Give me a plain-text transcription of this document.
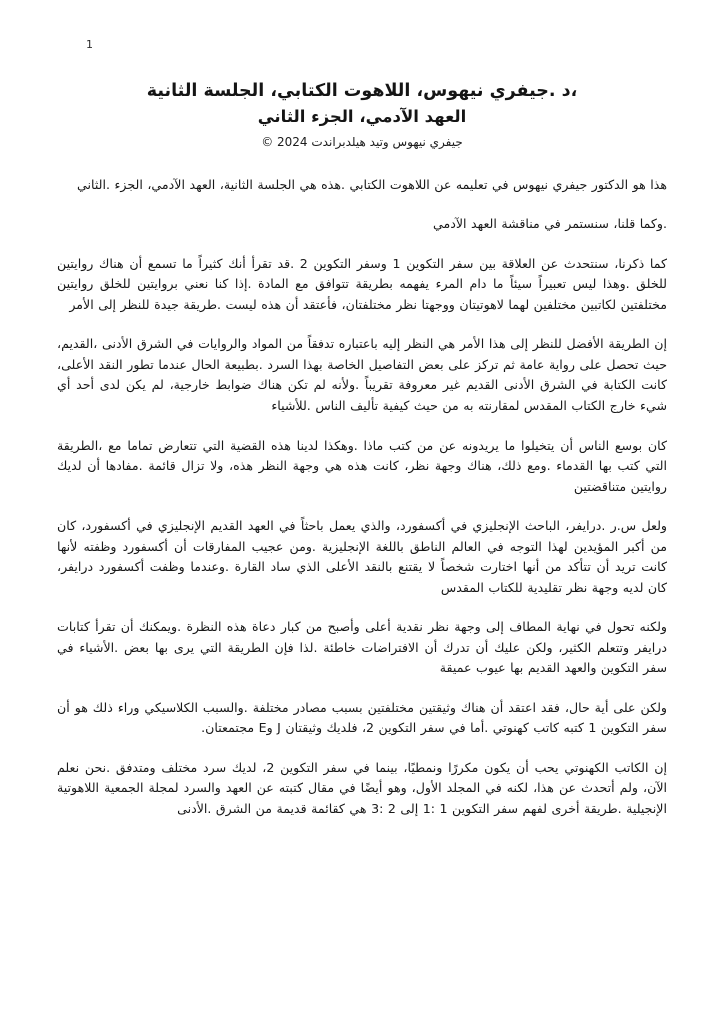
1
،د .جيفري نيهوس، اللاهوت الكتابي، الجلسة الثانية
العهد الآدمي، الجزء الثاني
جيفري نيهوس وتيد هيلدبراندت 2024 ©

هذا هو الدكتور جيفري نيهوس في تعليمه عن اللاهوت الكتابي .هذه هي الجلسة الثانية، العهد الآدمي، الجزء .الثاني

.وكما قلنا، سنستمر في مناقشة العهد الآدمي

كما ذكرنا، سنتحدث عن العلاقة بين سفر التكوين 1 وسفر التكوين 2 .قد تقرأ أنك كثيراً ما تسمع أن هناك روايتين للخلق .وهذا ليس تعبيراً سيئاً ما دام المرء يفهمه بطريقة تتوافق مع المادة .إذا كنا نعني بروايتين للخلق روايتين مختلفتين لكاتبين مختلفين لهما لاهوتيتان ووجهتا نظر مختلفتان، فأعتقد أن هذه ليست .طريقة جيدة للنظر إلى الأمر

إن الطريقة الأفضل للنظر إلى هذا الأمر هي النظر إليه باعتباره تدفقاً من المواد والروايات في الشرق الأدنى ،القديم، حيث تحصل على رواية عامة ثم تركز على بعض التفاصيل الخاصة بهذا السرد .بطبيعة الحال عندما تطور النقد الأعلى، كانت الكتابة في الشرق الأدنى القديم غير معروفة تقريباً .ولأنه لم تكن هناك ضوابط خارجية، لم يكن لدى أحد أي شيء خارج الكتاب المقدس لمقارنته به من حيث كيفية تأليف الناس .للأشياء

كان بوسع الناس أن يتخيلوا ما يريدونه عن من كتب ماذا .وهكذا لدينا هذه القضية التي تتعارض تماما مع ،الطريقة التي كتب بها القدماء .ومع ذلك، هناك وجهة نظر، كانت هذه هي وجهة النظر هذه، ولا تزال قائمة .مفادها أن لديك روايتين متناقضتين

ولعل س.ر .درايفر، الباحث الإنجليزي في أكسفورد، والذي يعمل باحثاً في العهد القديم الإنجليزي في أكسفورد، كان من أكبر المؤيدين لهذا التوجه في العالم الناطق باللغة الإنجليزية .ومن عجيب المفارقات أن أكسفورد وظفته لأنها كانت تريد أن تتأكد من أنها اختارت شخصاً لا يقتنع بالنقد الأعلى الذي ساد القارة .وعندما وظفت أكسفورد درايفر، كان لديه وجهة نظر تقليدية للكتاب المقدس

ولكنه تحول في نهاية المطاف إلى وجهة نظر نقدية أعلى وأصبح من كبار دعاة هذه النظرة .ويمكنك أن تقرأ كتابات درايفر وتتعلم الكثير، ولكن عليك أن تدرك أن الافتراضات خاطئة .لذا فإن الطريقة التي يرى بها بعض .الأشياء في سفر التكوين والعهد القديم بها عيوب عميقة

ولكن على أية حال، فقد اعتقد أن هناك وثيقتين مختلفتين بسبب مصادر مختلفة .والسبب الكلاسيكي وراء ذلك هو أن سفر التكوين 1 كتبه كاتب كهنوتي .أما في سفر التكوين 2، فلديك وثيقتان J وE مجتمعتان.

إن الكاتب الكهنوتي يحب أن يكون مكررًا ونمطيًا، بينما في سفر التكوين 2، لديك سرد مختلف ومتدفق .نحن نعلم الآن، ولم أتحدث عن هذا، لكنه في المجلد الأول، وهو أيضًا في مقال كتبته عن العهد والسرد لمجلة الجمعية اللاهوتية الإنجيلية .طريقة أخرى لفهم سفر التكوين 1 :1 إلى 2 :3 هي كقائمة قديمة من الشرق .الأدنى
